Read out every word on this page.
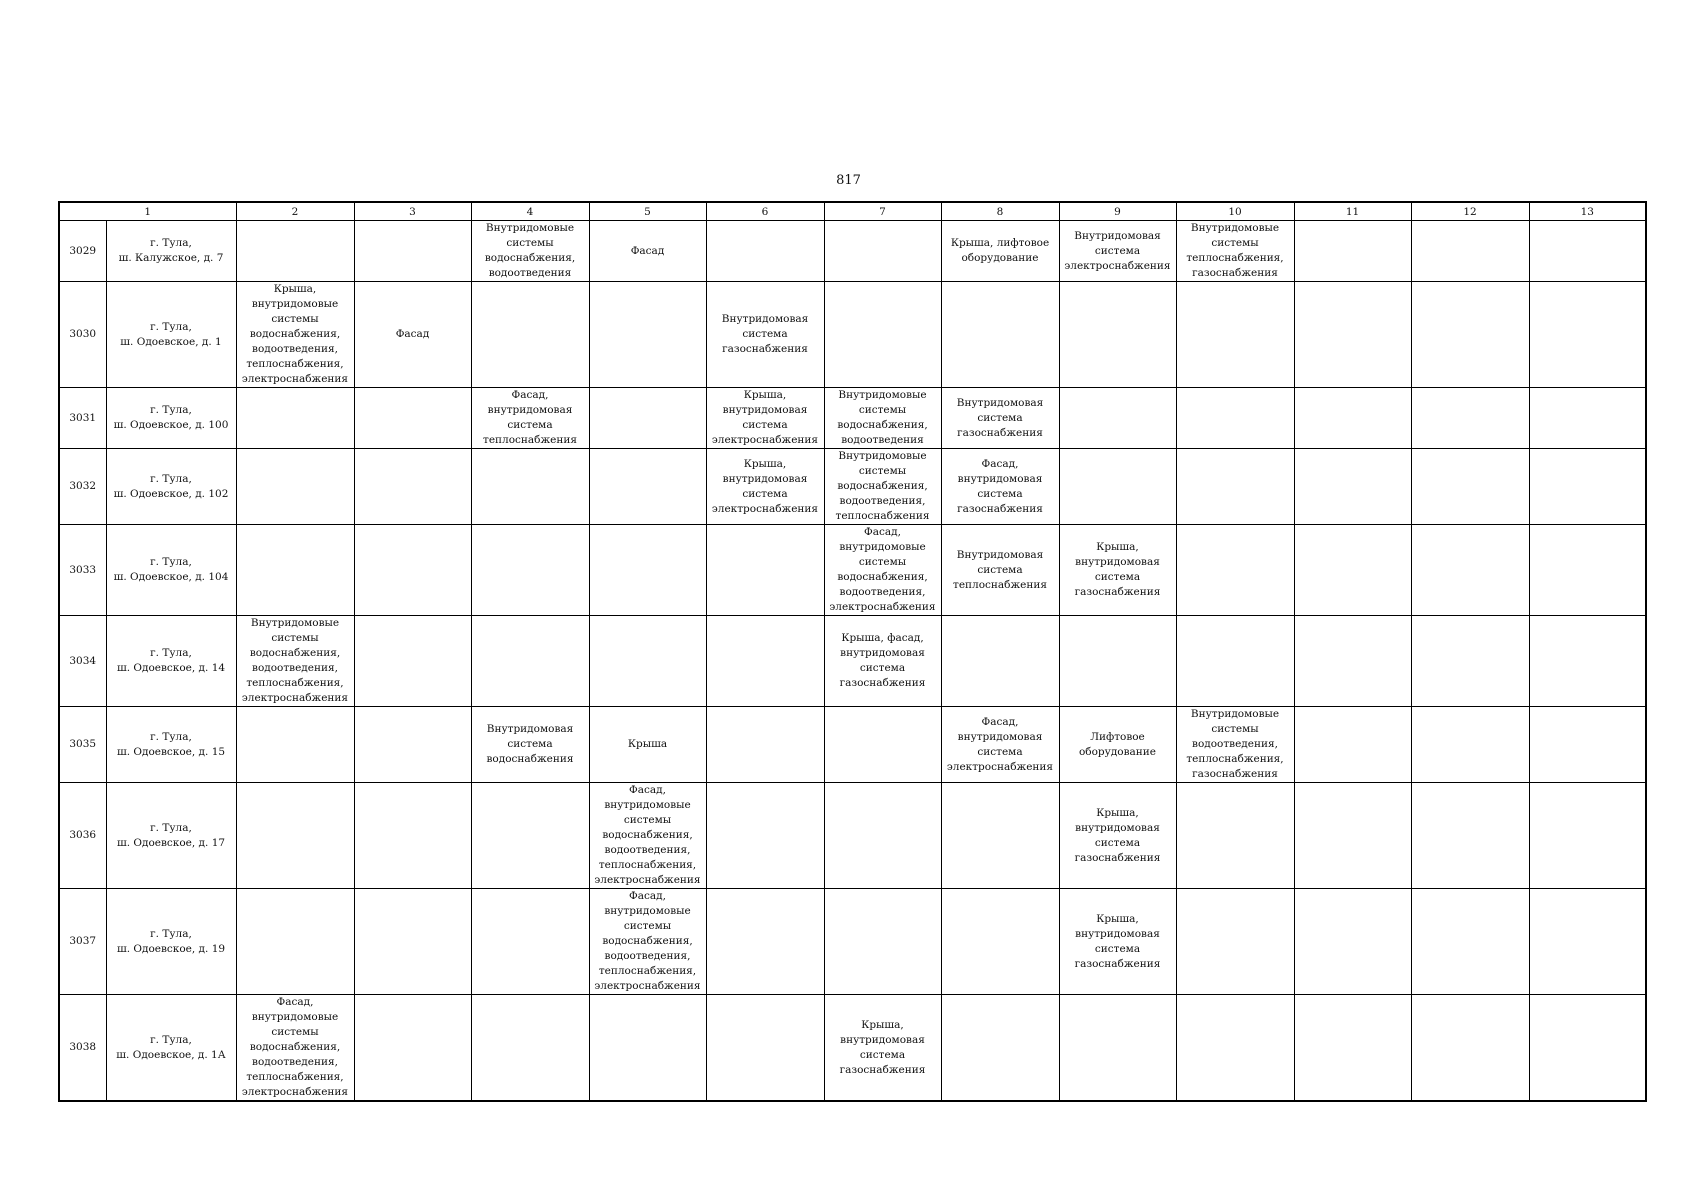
817
1		2	3	4	5	6	7	8	9	10	11	12	13
3029	г. Тула,
ш. Калужское, д. 7			Внутридомовые системы водоснабжения, водоотведения	Фасад			Крыша, лифтовое оборудование	Внутридомовая система электроснабжения	Внутридомовые системы теплоснабжения, газоснабжения			
3030	г. Тула,
ш. Одоевское, д. 1	Крыша, внутридомовые системы водоснабжения, водоотведения, теплоснабжения, электроснабжения	Фасад			Внутридомовая система газоснабжения							
3031	г. Тула,
ш. Одоевское, д. 100			Фасад, внутридомовая система теплоснабжения		Крыша, внутридомовая система электроснабжения	Внутридомовые системы водоснабжения, водоотведения	Внутридомовая система газоснабжения					
3032	г. Тула,
ш. Одоевское, д. 102					Крыша, внутридомовая система электроснабжения	Внутридомовые системы водоснабжения, водоотведения, теплоснабжения	Фасад, внутридомовая система газоснабжения					
3033	г. Тула,
ш. Одоевское, д. 104						Фасад, внутридомовые системы водоснабжения, водоотведения, электроснабжения	Внутридомовая система теплоснабжения	Крыша, внутридомовая система газоснабжения				
3034	г. Тула,
ш. Одоевское, д. 14	Внутридомовые системы водоснабжения, водоотведения, теплоснабжения, электроснабжения					Крыша, фасад, внутридомовая система газоснабжения						
3035	г. Тула,
ш. Одоевское, д. 15			Внутридомовая система водоснабжения	Крыша			Фасад, внутридомовая система электроснабжения	Лифтовое оборудование	Внутридомовые системы водоотведения, теплоснабжения, газоснабжения			
3036	г. Тула,
ш. Одоевское, д. 17				Фасад, внутридомовые системы водоснабжения, водоотведения, теплоснабжения, электроснабжения				Крыша, внутридомовая система газоснабжения				
3037	г. Тула,
ш. Одоевское, д. 19				Фасад, внутридомовые системы водоснабжения, водоотведения, теплоснабжения, электроснабжения				Крыша, внутридомовая система газоснабжения				
3038	г. Тула,
ш. Одоевское, д. 1А	Фасад, внутридомовые системы водоснабжения, водоотведения, теплоснабжения, электроснабжения					Крыша, внутридомовая система газоснабжения						
